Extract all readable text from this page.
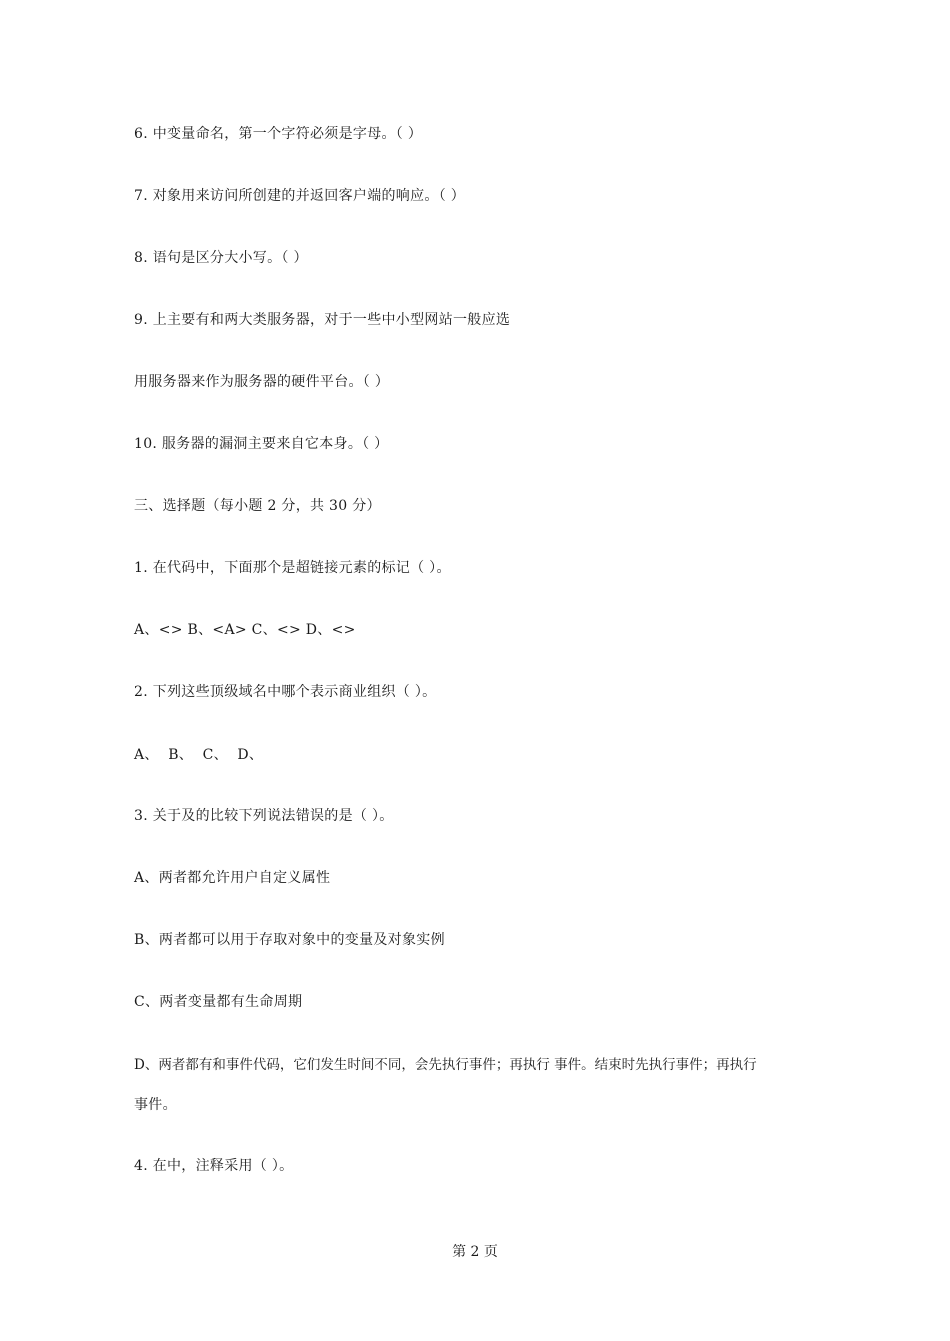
6. 中变量命名，第一个字符必须是字母。（ ）
7. 对象用来访问所创建的并返回客户端的响应。（ ）
8. 语句是区分大小写。（ ）
9. 上主要有和两大类服务器，对于一些中小型网站一般应选
用服务器来作为服务器的硬件平台。（ ）
10. 服务器的漏洞主要来自它本身。（ ）
三、选择题（每小题 2 分，共 30 分）
1. 在代码中，下面那个是超链接元素的标记（ ）。
A、<> B、<A> C、<> D、<>
2. 下列这些顶级域名中哪个表示商业组织（ ）。
A、  B、  C、  D、
3. 关于及的比较下列说法错误的是（ ）。
A、两者都允许用户自定义属性
B、两者都可以用于存取对象中的变量及对象实例
C、两者变量都有生命周期
D、两者都有和事件代码，它们发生时间不同，会先执行事件；再执行 事件。结束时先执行事件；再执行
事件。
4. 在中，注释采用（ ）。
第 2 页
